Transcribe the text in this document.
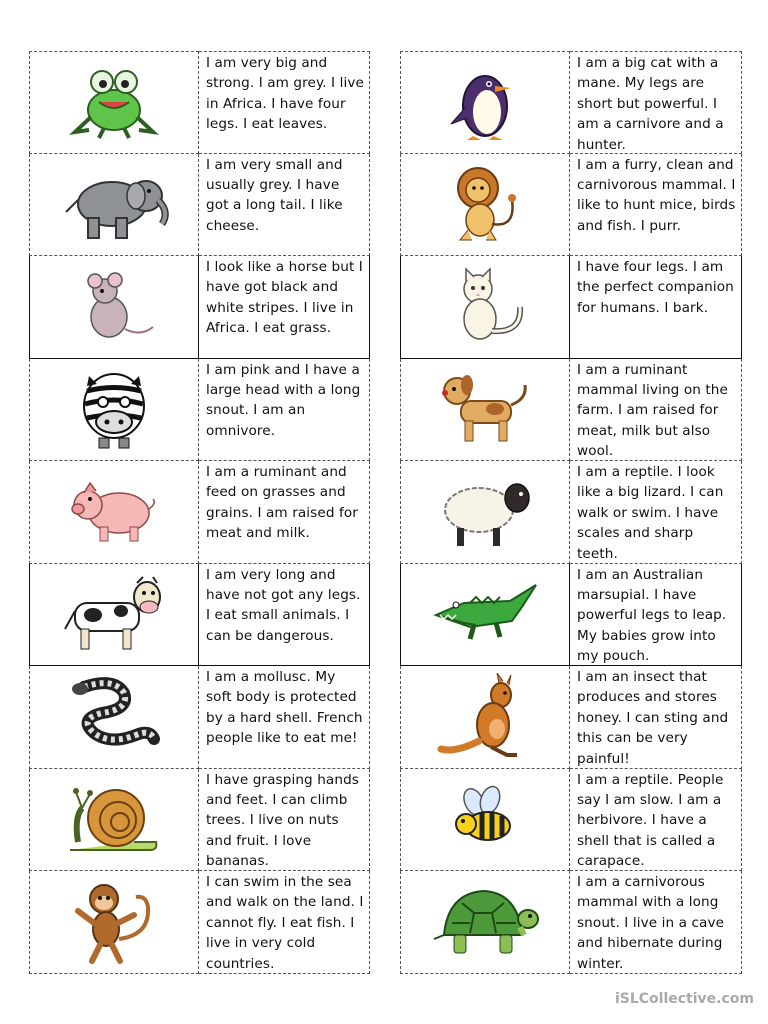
I am very big and strong. I am grey. I live in Africa. I have four legs. I eat leaves.
I am very small and usually grey. I have got a long tail. I like cheese.
I look like a horse but I have got black and white stripes. I live in Africa. I eat grass.
I am pink and I have a large head with a long snout. I am an omnivore.
I am a ruminant and feed on grasses and grains. I am raised for meat and milk.
I am very long and have not got any legs. I eat small animals. I can be dangerous.
I am a mollusc. My soft body is protected by a hard shell. French people like to eat me!
I have grasping hands and feet. I can climb trees. I live on nuts and fruit. I love bananas.
I can swim in the sea and walk on the land. I cannot fly. I eat fish. I live in very cold countries.
I am a big cat with a mane. My legs are short but powerful. I am a carnivore and a hunter.
I am a furry, clean and carnivorous mammal. I like to hunt mice, birds and fish. I purr.
I have four legs. I am the perfect companion for humans. I bark.
I am a ruminant mammal living on the farm. I am raised for meat, milk but also wool.
I am a reptile. I look like a big lizard. I can walk or swim. I have scales and sharp teeth.
I am an Australian marsupial. I have powerful legs to leap. My babies grow into my pouch.
I am an insect that produces and stores honey. I can sting and this can be very painful!
I am a reptile. People say I am slow. I am a herbivore. I have a shell that is called a carapace.
I am a carnivorous mammal with a long snout. I live in a cave and hibernate during winter.
iSLCollective.com
